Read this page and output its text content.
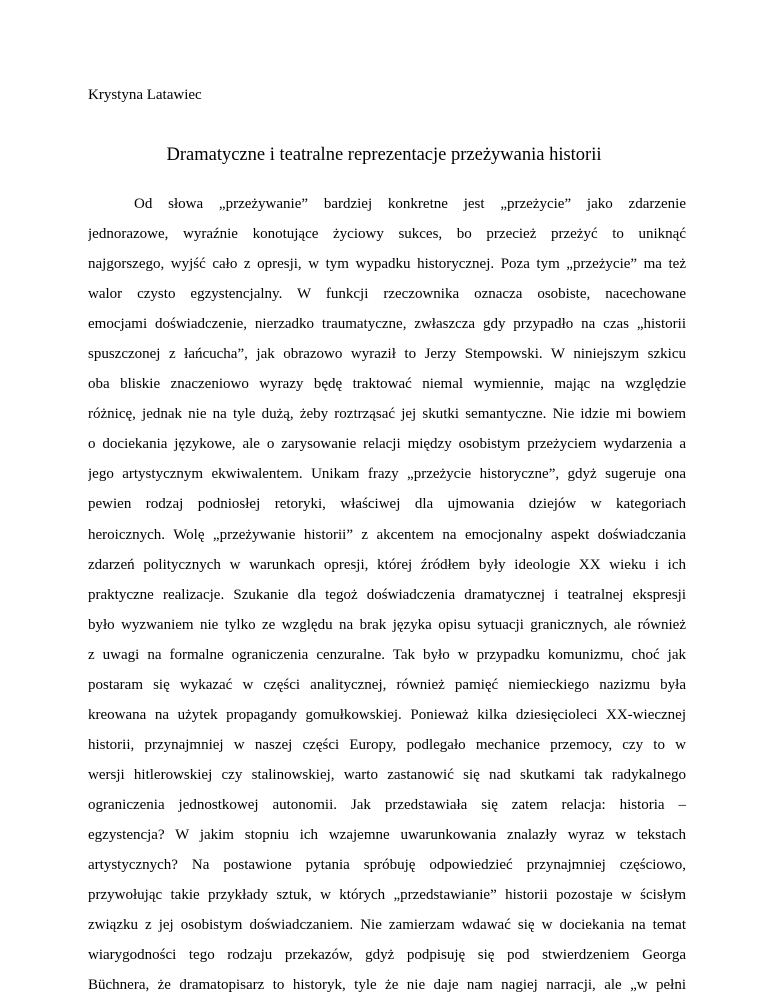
Krystyna Latawiec
Dramatyczne i teatralne reprezentacje przeżywania historii
Od słowa „przeżywanie” bardziej konkretne jest „przeżycie” jako zdarzenie
jednorazowe, wyraźnie konotujące życiowy sukces, bo przecież przeżyć to uniknąć
najgorszego, wyjść cało z opresji, w tym wypadku historycznej. Poza tym „przeżycie” ma też
walor czysto egzystencjalny. W funkcji rzeczownika oznacza osobiste, nacechowane
emocjami doświadczenie, nierzadko traumatyczne, zwłaszcza gdy przypadło na czas „historii
spuszczonej z łańcucha”, jak obrazowo wyraził to Jerzy Stempowski. W niniejszym szkicu
oba bliskie znaczeniowo wyrazy będę traktować niemal wymiennie, mając na względzie
różnicę, jednak nie na tyle dużą, żeby roztrząsać jej skutki semantyczne. Nie idzie mi bowiem
o dociekania językowe, ale o zarysowanie relacji między osobistym przeżyciem wydarzenia a
jego artystycznym ekwiwalentem. Unikam frazy „przeżycie historyczne”, gdyż sugeruje ona
pewien rodzaj podniosłej retoryki, właściwej dla ujmowania dziejów w kategoriach
heroicznych. Wolę „przeżywanie historii” z akcentem na emocjonalny aspekt doświadczania
zdarzeń politycznych w warunkach opresji, której źródłem były ideologie XX wieku i ich
praktyczne realizacje. Szukanie dla tegoż doświadczenia dramatycznej i teatralnej ekspresji
było wyzwaniem nie tylko ze względu na brak języka opisu sytuacji granicznych, ale również
z uwagi na formalne ograniczenia cenzuralne. Tak było w przypadku komunizmu, choć jak
postaram się wykazać w części analitycznej, również pamięć niemieckiego nazizmu była
kreowana na użytek propagandy gomułkowskiej. Ponieważ kilka dziesięcioleci XX-wiecznej
historii, przynajmniej w naszej części Europy, podlegało mechanice przemocy, czy to w
wersji hitlerowskiej czy stalinowskiej, warto zastanowić się nad skutkami tak radykalnego
ograniczenia jednostkowej autonomii. Jak przedstawiała się zatem relacja: historia –
egzystencja? W jakim stopniu ich wzajemne uwarunkowania znalazły wyraz w tekstach
artystycznych? Na postawione pytania spróbuję odpowiedzieć przynajmniej częściowo,
przywołując takie przykłady sztuk, w których „przedstawianie” historii pozostaje w ścisłym
związku z jej osobistym doświadczaniem. Nie zamierzam wdawać się w dociekania na temat
wiarygodności tego rodzaju przekazów, gdyż podpisuję się pod stwierdzeniem Georga
Büchnera, że dramatopisarz to historyk, tyle że nie daje nam nagiej narracji, ale „w pełni
